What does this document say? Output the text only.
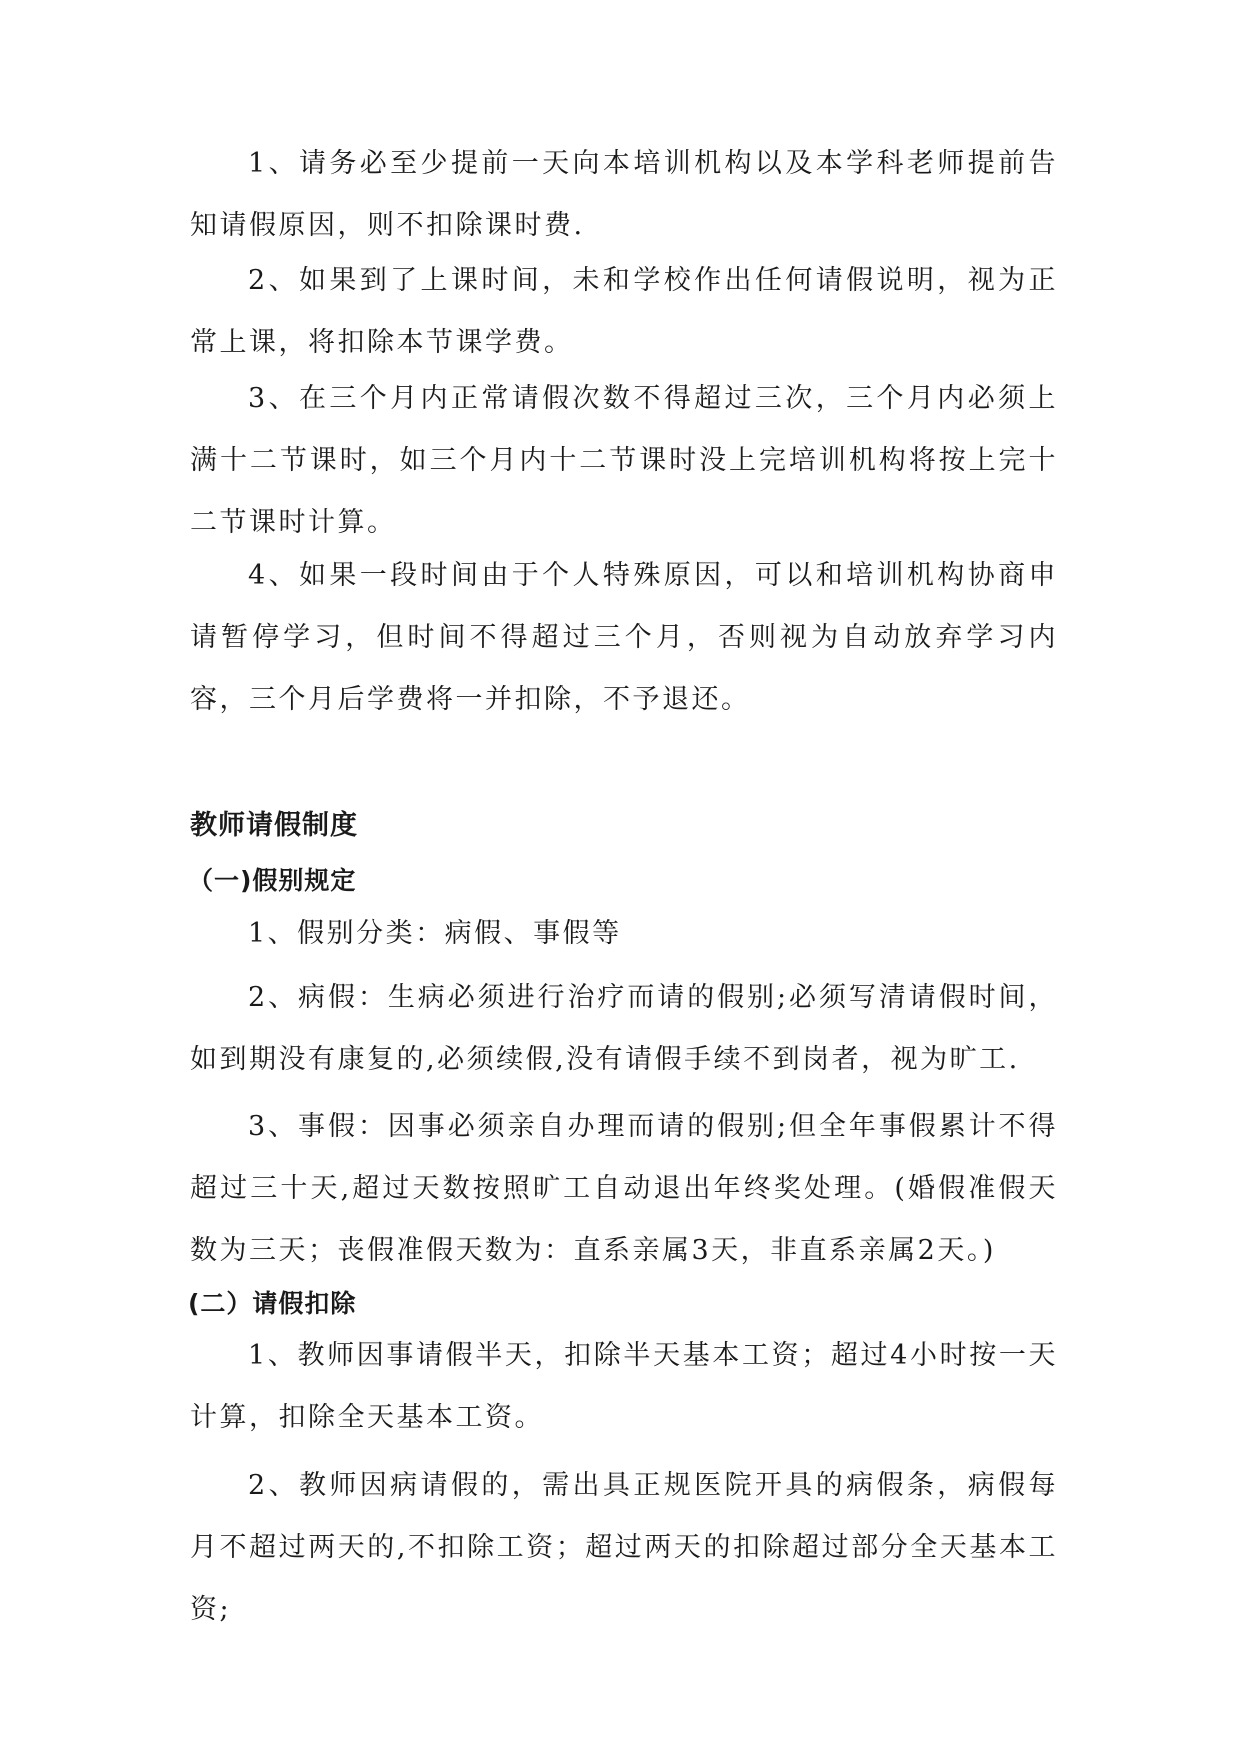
1、请务必至少提前一天向本培训机构以及本学科老师提前告知请假原因，则不扣除课时费.

2、如果到了上课时间，未和学校作出任何请假说明，视为正常上课，将扣除本节课学费。

3、在三个月内正常请假次数不得超过三次，三个月内必须上满十二节课时，如三个月内十二节课时没上完培训机构将按上完十二节课时计算。

4、如果一段时间由于个人特殊原因，可以和培训机构协商申请暂停学习，但时间不得超过三个月，否则视为自动放弃学习内容，三个月后学费将一并扣除，不予退还。

教师请假制度
（一)假别规定

1、假别分类：病假、事假等

2、病假：生病必须进行治疗而请的假别;必须写清请假时间，如到期没有康复的,必须续假,没有请假手续不到岗者，视为旷工.

3、事假：因事必须亲自办理而请的假别;但全年事假累计不得超过三十天,超过天数按照旷工自动退出年终奖处理。(婚假准假天数为三天；丧假准假天数为：直系亲属3天，非直系亲属2天。)

(二）请假扣除

1、教师因事请假半天，扣除半天基本工资；超过4小时按一天计算，扣除全天基本工资。

2、教师因病请假的，需出具正规医院开具的病假条，病假每月不超过两天的,不扣除工资；超过两天的扣除超过部分全天基本工资;
